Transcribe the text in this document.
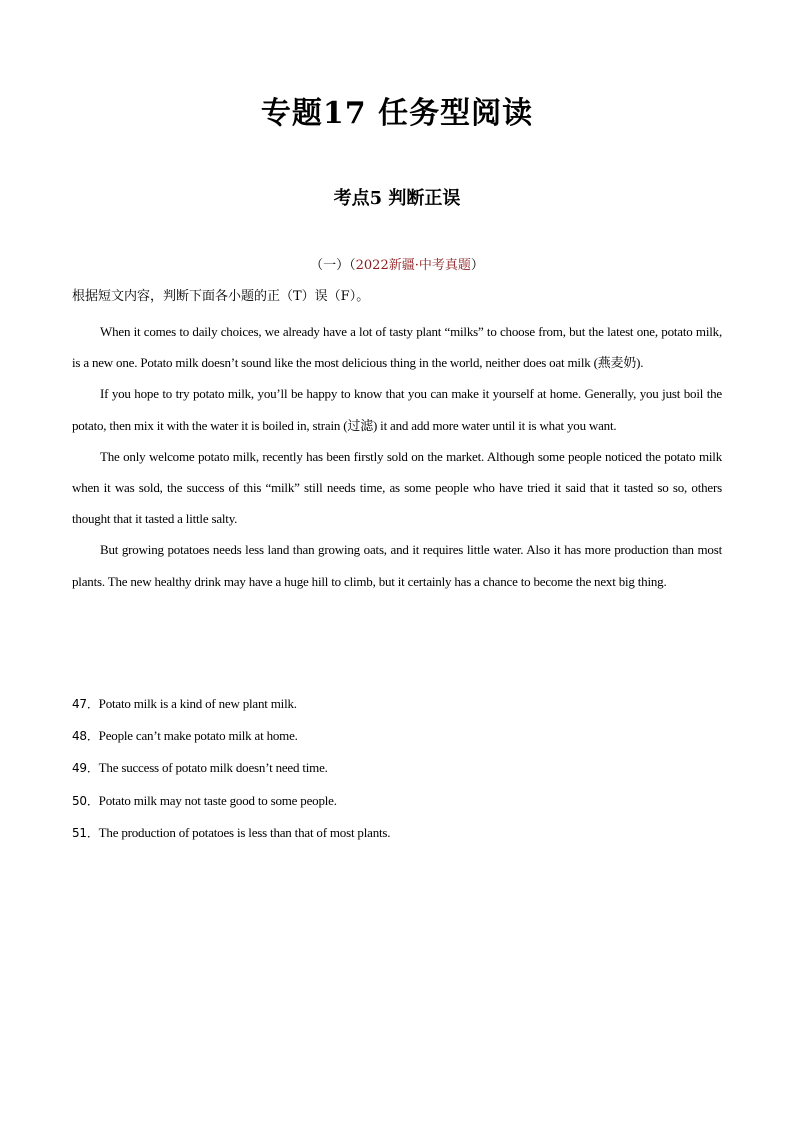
专题17 任务型阅读
考点5 判断正误
（一）（2022新疆·中考真题）
根据短文内容，判断下面各小题的正（T）误（F）。

When it comes to daily choices, we already have a lot of tasty plant “milks” to choose from, but the latest one, potato milk, is a new one. Potato milk doesn’t sound like the most delicious thing in the world, neither does oat milk (燕麦奶).

If you hope to try potato milk, you’ll be happy to know that you can make it yourself at home. Generally, you just boil the potato, then mix it with the water it is boiled in, strain (过滤) it and add more water until it is what you want.

The only welcome potato milk, recently has been firstly sold on the market. Although some people noticed the potato milk when it was sold, the success of this “milk” still needs time, as some people who have tried it said that it tasted so so, others thought that it tasted a little salty.

But growing potatoes needs less land than growing oats, and it requires little water. Also it has more production than most plants. The new healthy drink may have a huge hill to climb, but it certainly has a chance to become the next big thing.

47．Potato milk is a kind of new plant milk.
48．People can’t make potato milk at home.
49．The success of potato milk doesn’t need time.
50．Potato milk may not taste good to some people.
51．The production of potatoes is less than that of most plants.
